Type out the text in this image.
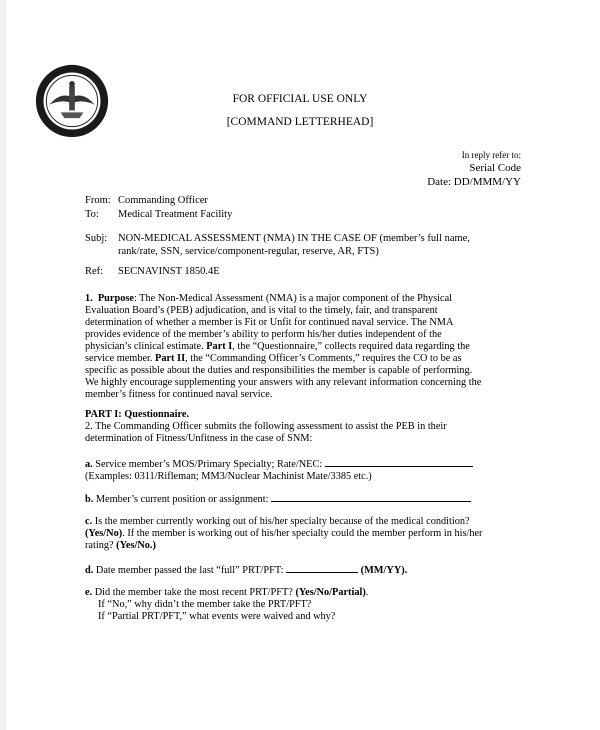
FOR OFFICIAL USE ONLY
[COMMAND LETTERHEAD]
In reply refer to:
Serial Code
Date: DD/MMM/YY
From: Commanding Officer
To: Medical Treatment Facility
Subj: NON-MEDICAL ASSESSMENT (NMA) IN THE CASE OF (member’s full name,
rank/rate, SSN, service/component-regular, reserve, AR, FTS)
Ref: SECNAVINST 1850.4E
1. Purpose: The Non-Medical Assessment (NMA) is a major component of the Physical
Evaluation Board’s (PEB) adjudication, and is vital to the timely, fair, and transparent
determination of whether a member is Fit or Unfit for continued naval service. The NMA
provides evidence of the member’s ability to perform his/her duties independent of the
physician’s clinical estimate. Part I, the “Questionnaire,” collects required data regarding the
service member. Part II, the “Commanding Officer’s Comments,” requires the CO to be as
specific as possible about the duties and responsibilities the member is capable of performing.
We highly encourage supplementing your answers with any relevant information concerning the
member’s fitness for continued naval service.
PART I: Questionnaire.
2. The Commanding Officer submits the following assessment to assist the PEB in their
determination of Fitness/Unfitness in the case of SNM:
a. Service member’s MOS/Primary Specialty; Rate/NEC:
(Examples: 0311/Rifleman; MM3/Nuclear Machinist Mate/3385 etc.)
b. Member’s current position or assignment:
c. Is the member currently working out of his/her specialty because of the medical condition?
(Yes/No). If the member is working out of his/her specialty could the member perform in his/her
rating? (Yes/No.)
d. Date member passed the last “full” PRT/PFT:	(MM/YY).
e. Did the member take the most recent PRT/PFT? (Yes/No/Partial).
If “No,” why didn’t the member take the PRT/PFT?
If “Partial PRT/PFT,” what events were waived and why?
